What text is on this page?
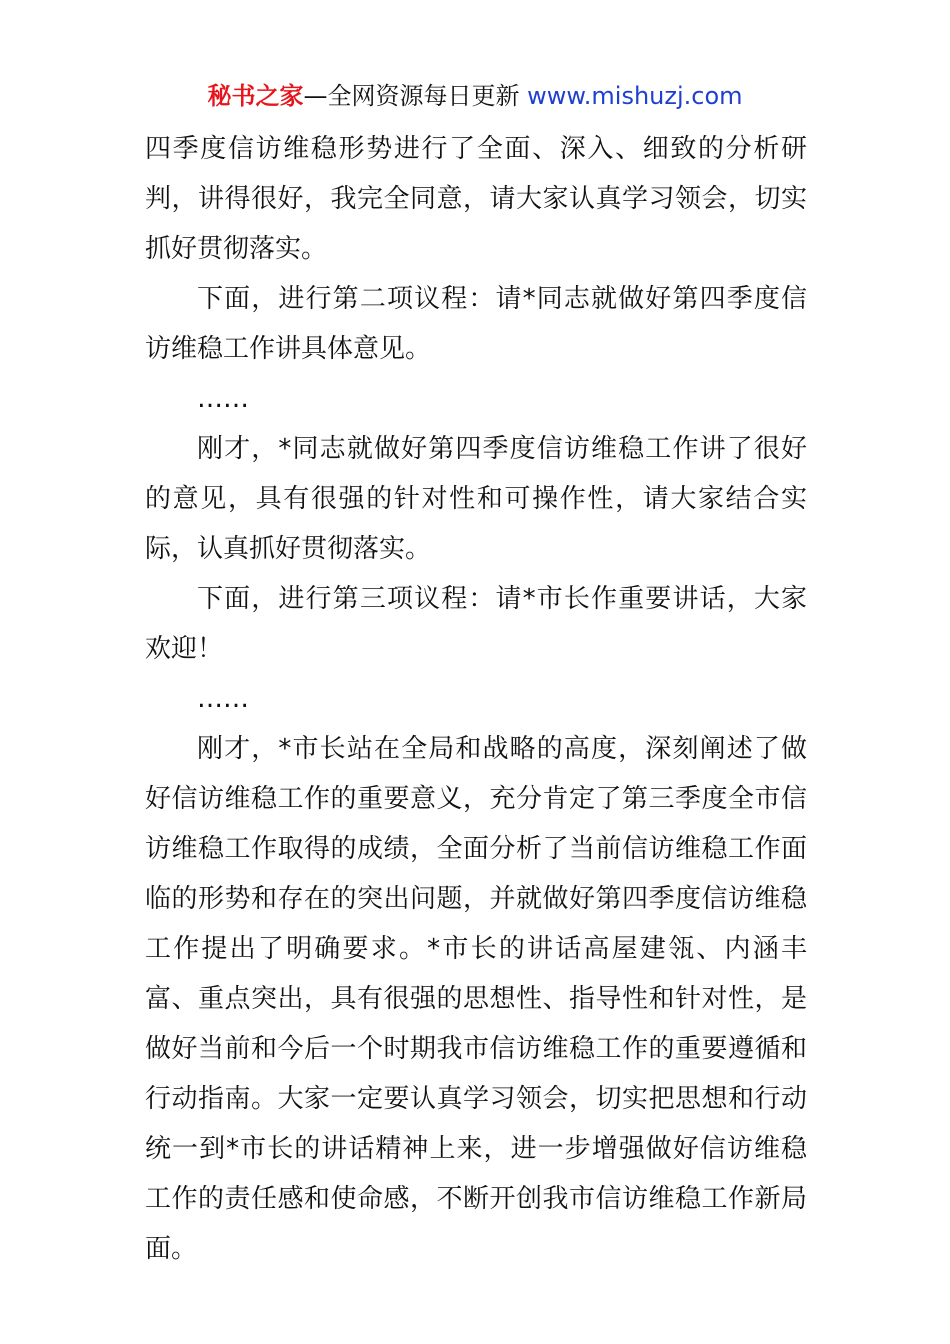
秘书之家—全网资源每日更新 www.mishuzj.com

四季度信访维稳形势进行了全面、深入、细致的分析研判，讲得很好，我完全同意，请大家认真学习领会，切实抓好贯彻落实。

下面，进行第二项议程：请*同志就做好第四季度信访维稳工作讲具体意见。

……

刚才，*同志就做好第四季度信访维稳工作讲了很好的意见，具有很强的针对性和可操作性，请大家结合实际，认真抓好贯彻落实。

下面，进行第三项议程：请*市长作重要讲话，大家欢迎！

……

刚才，*市长站在全局和战略的高度，深刻阐述了做好信访维稳工作的重要意义，充分肯定了第三季度全市信访维稳工作取得的成绩，全面分析了当前信访维稳工作面临的形势和存在的突出问题，并就做好第四季度信访维稳工作提出了明确要求。*市长的讲话高屋建瓴、内涵丰富、重点突出，具有很强的思想性、指导性和针对性，是做好当前和今后一个时期我市信访维稳工作的重要遵循和行动指南。大家一定要认真学习领会，切实把思想和行动统一到*市长的讲话精神上来，进一步增强做好信访维稳工作的责任感和使命感，不断开创我市信访维稳工作新局面。
